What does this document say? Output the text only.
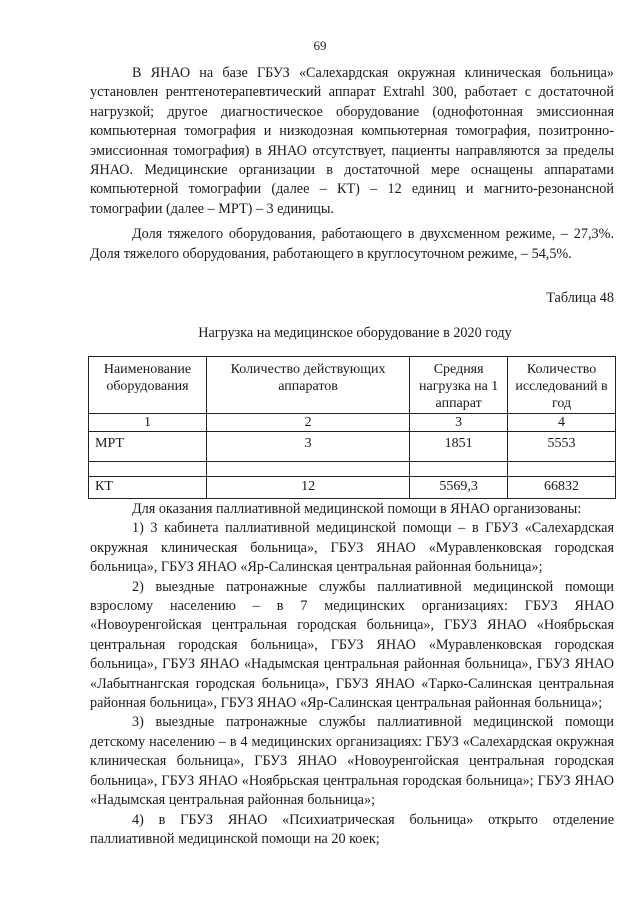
69

В ЯНАО на базе ГБУЗ «Салехардская окружная клиническая больница» установлен рентгенотерапевтический аппарат Extrahl 300, работает с достаточной нагрузкой; другое диагностическое оборудование (однофотонная эмиссионная компьютерная томография и низкодозная компьютерная томография, позитронно-эмиссионная томография) в ЯНАО отсутствует, пациенты направляются за пределы ЯНАО. Медицинские организации в достаточной мере оснащены аппаратами компьютерной томографии (далее – КТ) – 12 единиц и магнито-резонансной томографии (далее – МРТ) – 3 единицы.

Доля тяжелого оборудования, работающего в двухсменном режиме, – 27,3%. Доля тяжелого оборудования, работающего в круглосуточном режиме, – 54,5%.

Таблица 48
Нагрузка на медицинское оборудование в 2020 году
Наименование оборудования	Количество действующих аппаратов	Средняя нагрузка на 1 аппарат	Количество исследований в год
1	2	3	4
МРТ	3	1851	5553

КТ	12	5569,3	66832

Для оказания паллиативной медицинской помощи в ЯНАО организованы:

1) 3 кабинета паллиативной медицинской помощи – в ГБУЗ «Салехардская окружная клиническая больница», ГБУЗ ЯНАО «Муравленковская городская больница», ГБУЗ ЯНАО «Яр-Салинская центральная районная больница»;

2) выездные патронажные службы паллиативной медицинской помощи взрослому населению – в 7 медицинских организациях: ГБУЗ ЯНАО «Новоуренгойская центральная городская больница», ГБУЗ ЯНАО «Ноябрьская центральная городская больница», ГБУЗ ЯНАО «Муравленковская городская больница», ГБУЗ ЯНАО «Надымская центральная районная больница», ГБУЗ ЯНАО «Лабытнангская городская больница», ГБУЗ ЯНАО «Тарко-Салинская центральная районная больница», ГБУЗ ЯНАО «Яр-Салинская центральная районная больница»;

3) выездные патронажные службы паллиативной медицинской помощи детскому населению – в 4 медицинских организациях: ГБУЗ «Салехардская окружная клиническая больница», ГБУЗ ЯНАО «Новоуренгойская центральная городская больница», ГБУЗ ЯНАО «Ноябрьская центральная городская больница»; ГБУЗ ЯНАО «Надымская центральная районная больница»;

4) в ГБУЗ ЯНАО «Психиатрическая больница» открыто отделение паллиативной медицинской помощи на 20 коек;
